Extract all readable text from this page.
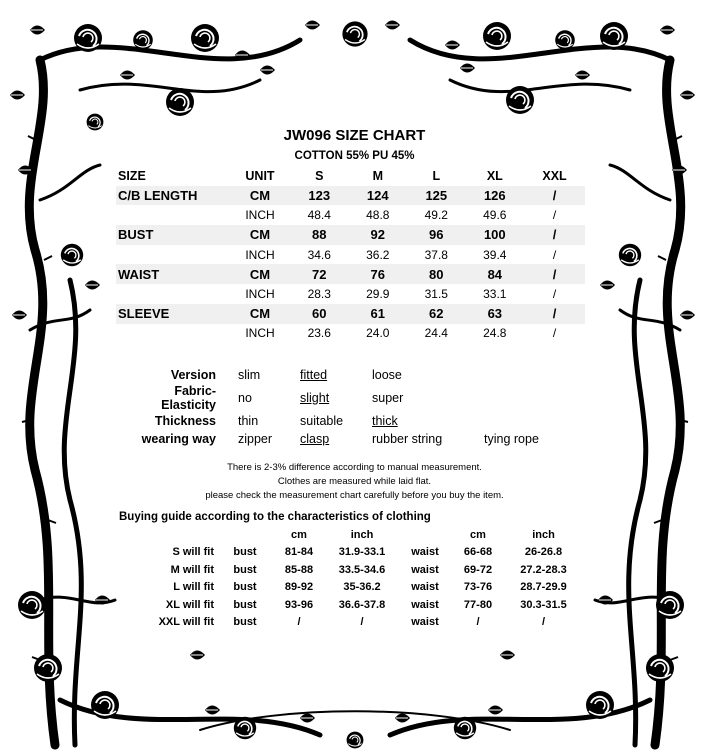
JW096 SIZE CHART
COTTON 55% PU 45%
SIZE	UNIT	S	M	L	XL	XXL
C/B LENGTH	CM	123	124	125	126	/
	INCH	48.4	48.8	49.2	49.6	/
BUST	CM	88	92	96	100	/
	INCH	34.6	36.2	37.8	39.4	/
WAIST	CM	72	76	80	84	/
	INCH	28.3	29.9	31.5	33.1	/
SLEEVE	CM	60	61	62	63	/
	INCH	23.6	24.0	24.4	24.8	/
Version	slim	fitted	loose	
Fabric-Elasticity	no	slight	super	
Thickness	thin	suitable	thick	
wearing way	zipper	clasp	rubber string	tying rope
There is 2-3% difference according to manual measurement.
Clothes are measured while laid flat.
please check the measurement chart carefully before you buy the item.
Buying guide according to the characteristics of clothing
		cm	inch		cm	inch
S will fit	bust	81-84	31.9-33.1	waist	66-68	26-26.8
M will fit	bust	85-88	33.5-34.6	waist	69-72	27.2-28.3
L will fit	bust	89-92	35-36.2	waist	73-76	28.7-29.9
XL will fit	bust	93-96	36.6-37.8	waist	77-80	30.3-31.5
XXL will fit	bust	/	/	waist	/	/
